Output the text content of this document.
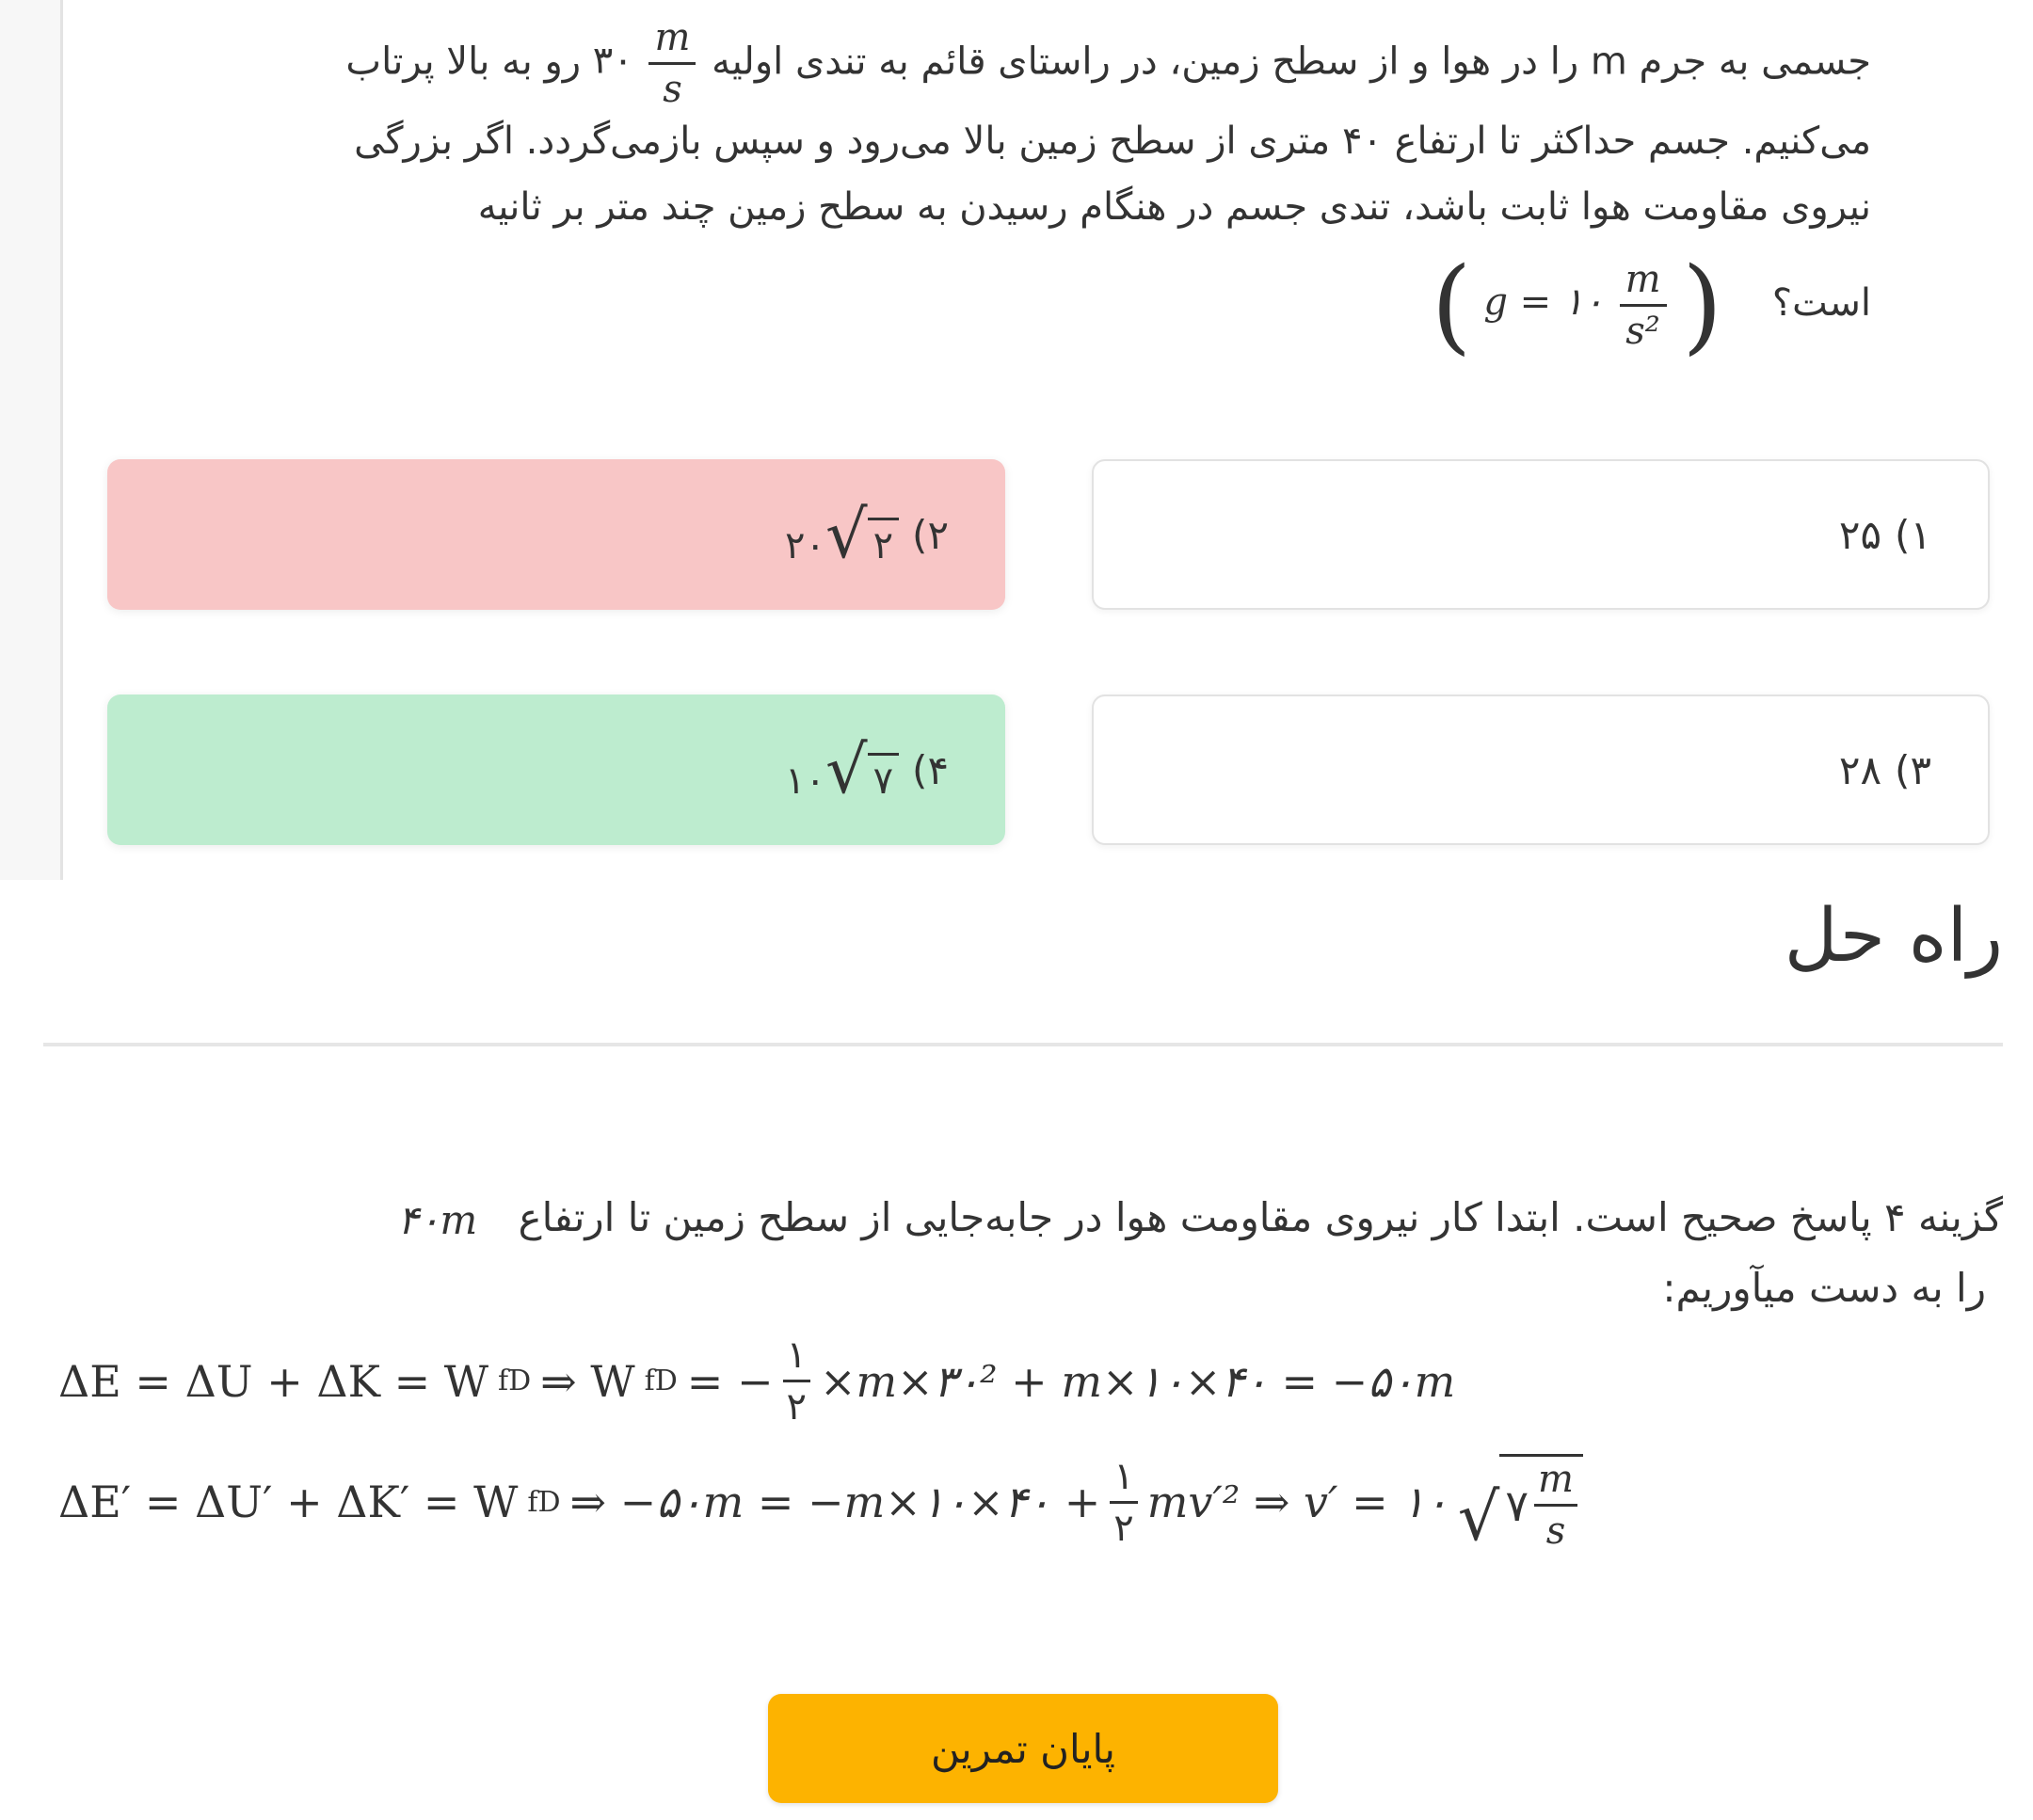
جسمی به جرم m را در هوا و از سطح زمین، در راستای قائم به تندی اولیه ۳۰ $\frac{m}{s}$
رو به بالا پرتاب
می‌کنیم. جسم حداکثر تا ارتفاع ۴۰ متری از سطح زمین بالا می‌رود و سپس بازمی‌گردد. اگر بزرگی
نیروی مقاومت هوا ثابت باشد، تندی جسم در هنگام رسیدن به سطح زمین چند متر بر ثانیه
است؟ ( g = ۱۰ $\frac{m}{\text{s²}}$ )
۱)
۲۵
۲)
۲۰ √ ۲
۳)
۲۸
۴)
۱۰ √ ۷
راه حل
گزینه ۴ پاسخ صحیح است. ابتدا کار نیروی مقاومت هوا در جابه‌جایی از سطح زمین تا ارتفاع ۴۰m
را به دست میآوریم:
ΔE = ΔU + ΔK = W fD ⇒ W fD = − $\frac{۱}{۲}$ ×m×۳۰² + m×۱۰×۴۰ = −۵۰m
ΔE′ = ΔU′ + ΔK′ = W fD ⇒ −۵۰m = −m×۱۰×۴۰ + $\frac{۱}{۲} mv'^2$ ⇒ v′ = ۱۰ √ ۷ $\frac{m}{s}$
پایان تمرین
